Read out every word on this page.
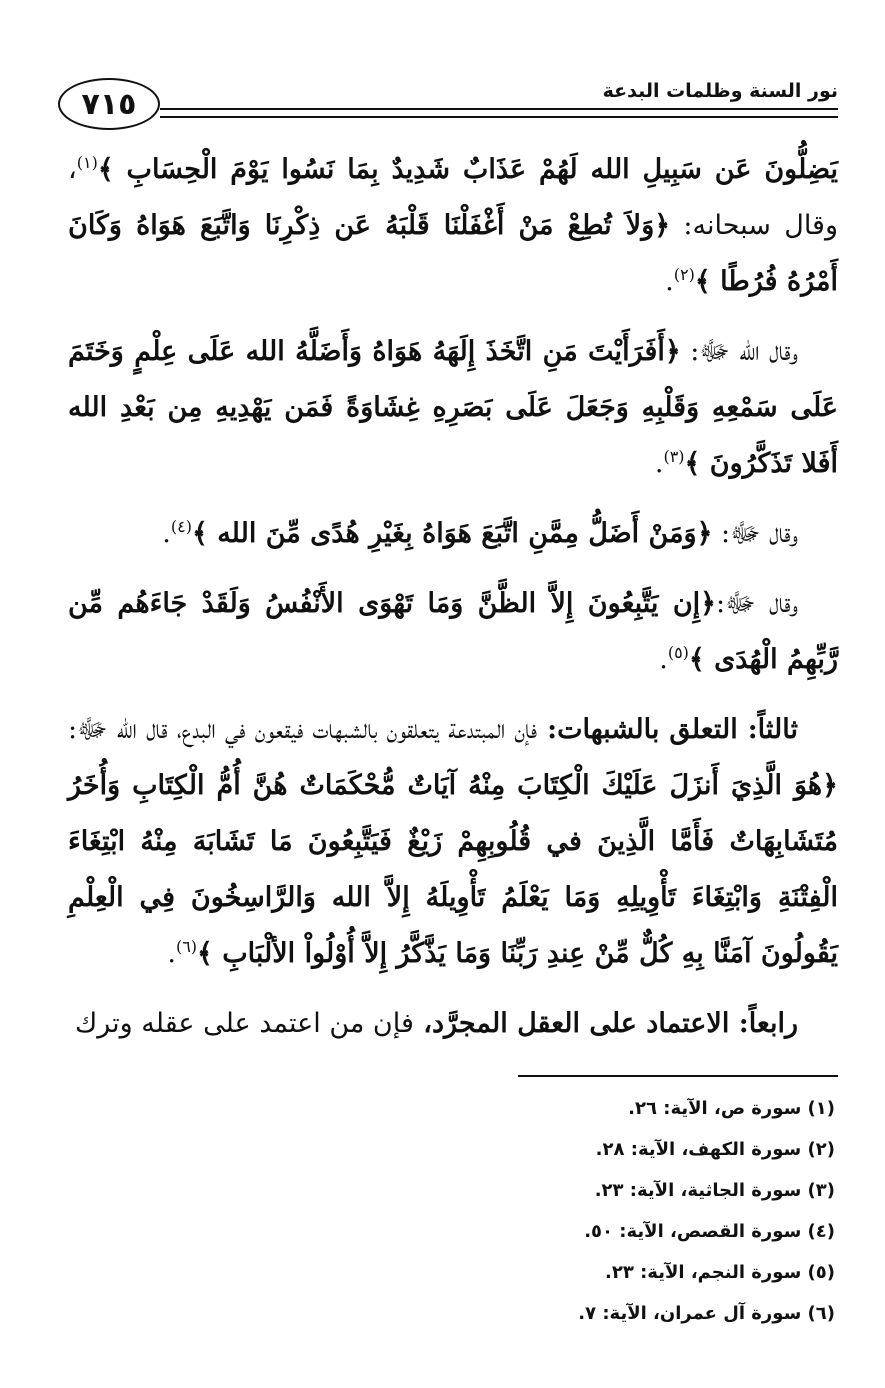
٧١٥	نور السنة وظلمات البدعة

يَضِلُّونَ عَن سَبِيلِ الله لَهُمْ عَذَابٌ شَدِيدٌ بِمَا نَسُوا يَوْمَ الْحِسَابِ ﴾$^{(١)}$، وقال سبحانه: ﴿وَلاَ تُطِعْ مَنْ أَغْفَلْنَا قَلْبَهُ عَن ذِكْرِنَا وَاتَّبَعَ هَوَاهُ وَكَانَ أَمْرُهُ فُرُطًا ﴾$^{(٢)}$.

وقال الله ﷻ: ﴿أَفَرَأَيْتَ مَنِ اتَّخَذَ إِلَهَهُ هَوَاهُ وَأَضَلَّهُ الله عَلَى عِلْمٍ وَخَتَمَ عَلَى سَمْعِهِ وَقَلْبِهِ وَجَعَلَ عَلَى بَصَرِهِ غِشَاوَةً فَمَن يَهْدِيهِ مِن بَعْدِ الله أَفَلا تَذَكَّرُونَ ﴾$^{(٣)}$.

وقال ﷻ: ﴿وَمَنْ أَضَلُّ مِمَّنِ اتَّبَعَ هَوَاهُ بِغَيْرِ هُدًى مِّنَ الله ﴾$^{(٤)}$.

وقال ﷻ:﴿إِن يَتَّبِعُونَ إِلاَّ الظَّنَّ وَمَا تَهْوَى الأَنْفُسُ وَلَقَدْ جَاءَهُم مِّن رَّبِّهِمُ الْهُدَى ﴾$^{(٥)}$.

ثالثاً: التعلق بالشبهات: فإن المبتدعة يتعلقون بالشبهات فيقعون في البدع، قال الله ﷻ: ﴿هُوَ الَّذِيَ أَنزَلَ عَلَيْكَ الْكِتَابَ مِنْهُ آيَاتٌ مُّحْكَمَاتٌ هُنَّ أُمُّ الْكِتَابِ وَأُخَرُ مُتَشَابِهَاتٌ فَأَمَّا الَّذِينَ في قُلُوبِهِمْ زَيْغٌ فَيَتَّبِعُونَ مَا تَشَابَهَ مِنْهُ ابْتِغَاءَ الْفِتْنَةِ وَابْتِغَاءَ تَأْوِيلِهِ وَمَا يَعْلَمُ تَأْوِيلَهُ إِلاَّ الله وَالرَّاسِخُونَ فِي الْعِلْمِ يَقُولُونَ آمَنَّا بِهِ كُلٌّ مِّنْ عِندِ رَبِّنَا وَمَا يَذَّكَّرُ إِلاَّ أُوْلُواْ الألْبَابِ ﴾$^{(٦)}$.

رابعاً: الاعتماد على العقل المجرَّد، فإن من اعتمد على عقله وترك

(١) سورة ص، الآية: ٢٦.
(٢) سورة الكهف، الآية: ٢٨.
(٣) سورة الجاثية، الآية: ٢٣.
(٤) سورة القصص، الآية: ٥٠.
(٥) سورة النجم، الآية: ٢٣.
(٦) سورة آل عمران، الآية: ٧.
